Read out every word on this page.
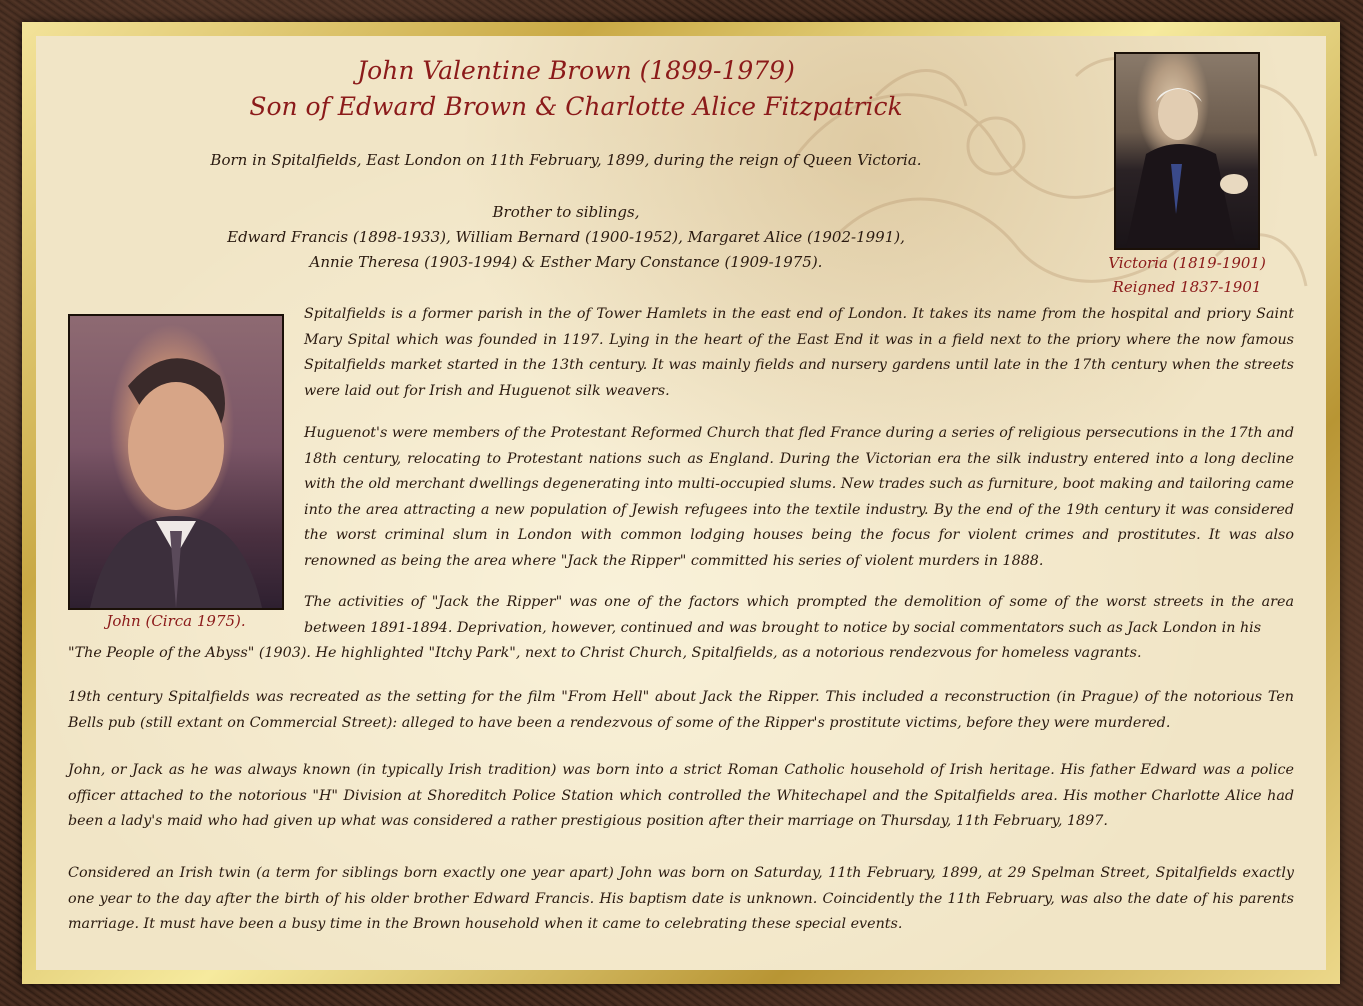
John Valentine Brown (1899-1979)
Son of Edward Brown & Charlotte Alice Fitzpatrick
Born in Spitalfields, East London on 11th February, 1899, during the reign of Queen Victoria.
Brother to siblings,
Edward Francis (1898-1933), William Bernard (1900-1952), Margaret Alice (1902-1991),
Annie Theresa (1903-1994) & Esther Mary Constance (1909-1975).	Victoria (1819-1901)
Reigned 1837-1901
John (Circa 1975).

Spitalfields is a former parish in the of Tower Hamlets in the east end of London. It takes its name from the hospital and priory Saint Mary Spital which was founded in 1197. Lying in the heart of the East End it was in a field next to the priory where the now famous Spitalfields market started in the 13th century. It was mainly fields and nursery gardens until late in the 17th century when the streets were laid out for Irish and Huguenot silk weavers.

Huguenot's were members of the Protestant Reformed Church that fled France during a series of religious persecutions in the 17th and 18th century, relocating to Protestant nations such as England. During the Victorian era the silk industry entered into a long decline with the old merchant dwellings degenerating into multi-occupied slums. New trades such as furniture, boot making and tailoring came into the area attracting a new population of Jewish refugees into the textile industry. By the end of the 19th century it was considered the worst criminal slum in London with common lodging houses being the focus for violent crimes and prostitutes. It was also renowned as being the area where "Jack the Ripper" committed his series of violent murders in 1888.

The activities of "Jack the Ripper" was one of the factors which prompted the demolition of some of the worst streets in the area between 1891-1894. Deprivation, however, continued and was brought to notice by social commentators such as Jack London in his

"The People of the Abyss" (1903). He highlighted "Itchy Park", next to Christ Church, Spitalfields, as a notorious rendezvous for homeless vagrants.

19th century Spitalfields was recreated as the setting for the film "From Hell" about Jack the Ripper. This included a reconstruction (in Prague) of the notorious Ten Bells pub (still extant on Commercial Street): alleged to have been a rendezvous of some of the Ripper's prostitute victims, before they were murdered.

John, or Jack as he was always known (in typically Irish tradition) was born into a strict Roman Catholic household of Irish heritage. His father Edward was a police officer attached to the notorious "H" Division at Shoreditch Police Station which controlled the Whitechapel and the Spitalfields area. His mother Charlotte Alice had been a lady's maid who had given up what was considered a rather prestigious position after their marriage on Thursday, 11th February, 1897.

Considered an Irish twin (a term for siblings born exactly one year apart) John was born on Saturday, 11th February, 1899, at 29 Spelman Street, Spitalfields exactly one year to the day after the birth of his older brother Edward Francis. His baptism date is unknown. Coincidently the 11th February, was also the date of his parents marriage. It must have been a busy time in the Brown household when it came to celebrating these special events.
